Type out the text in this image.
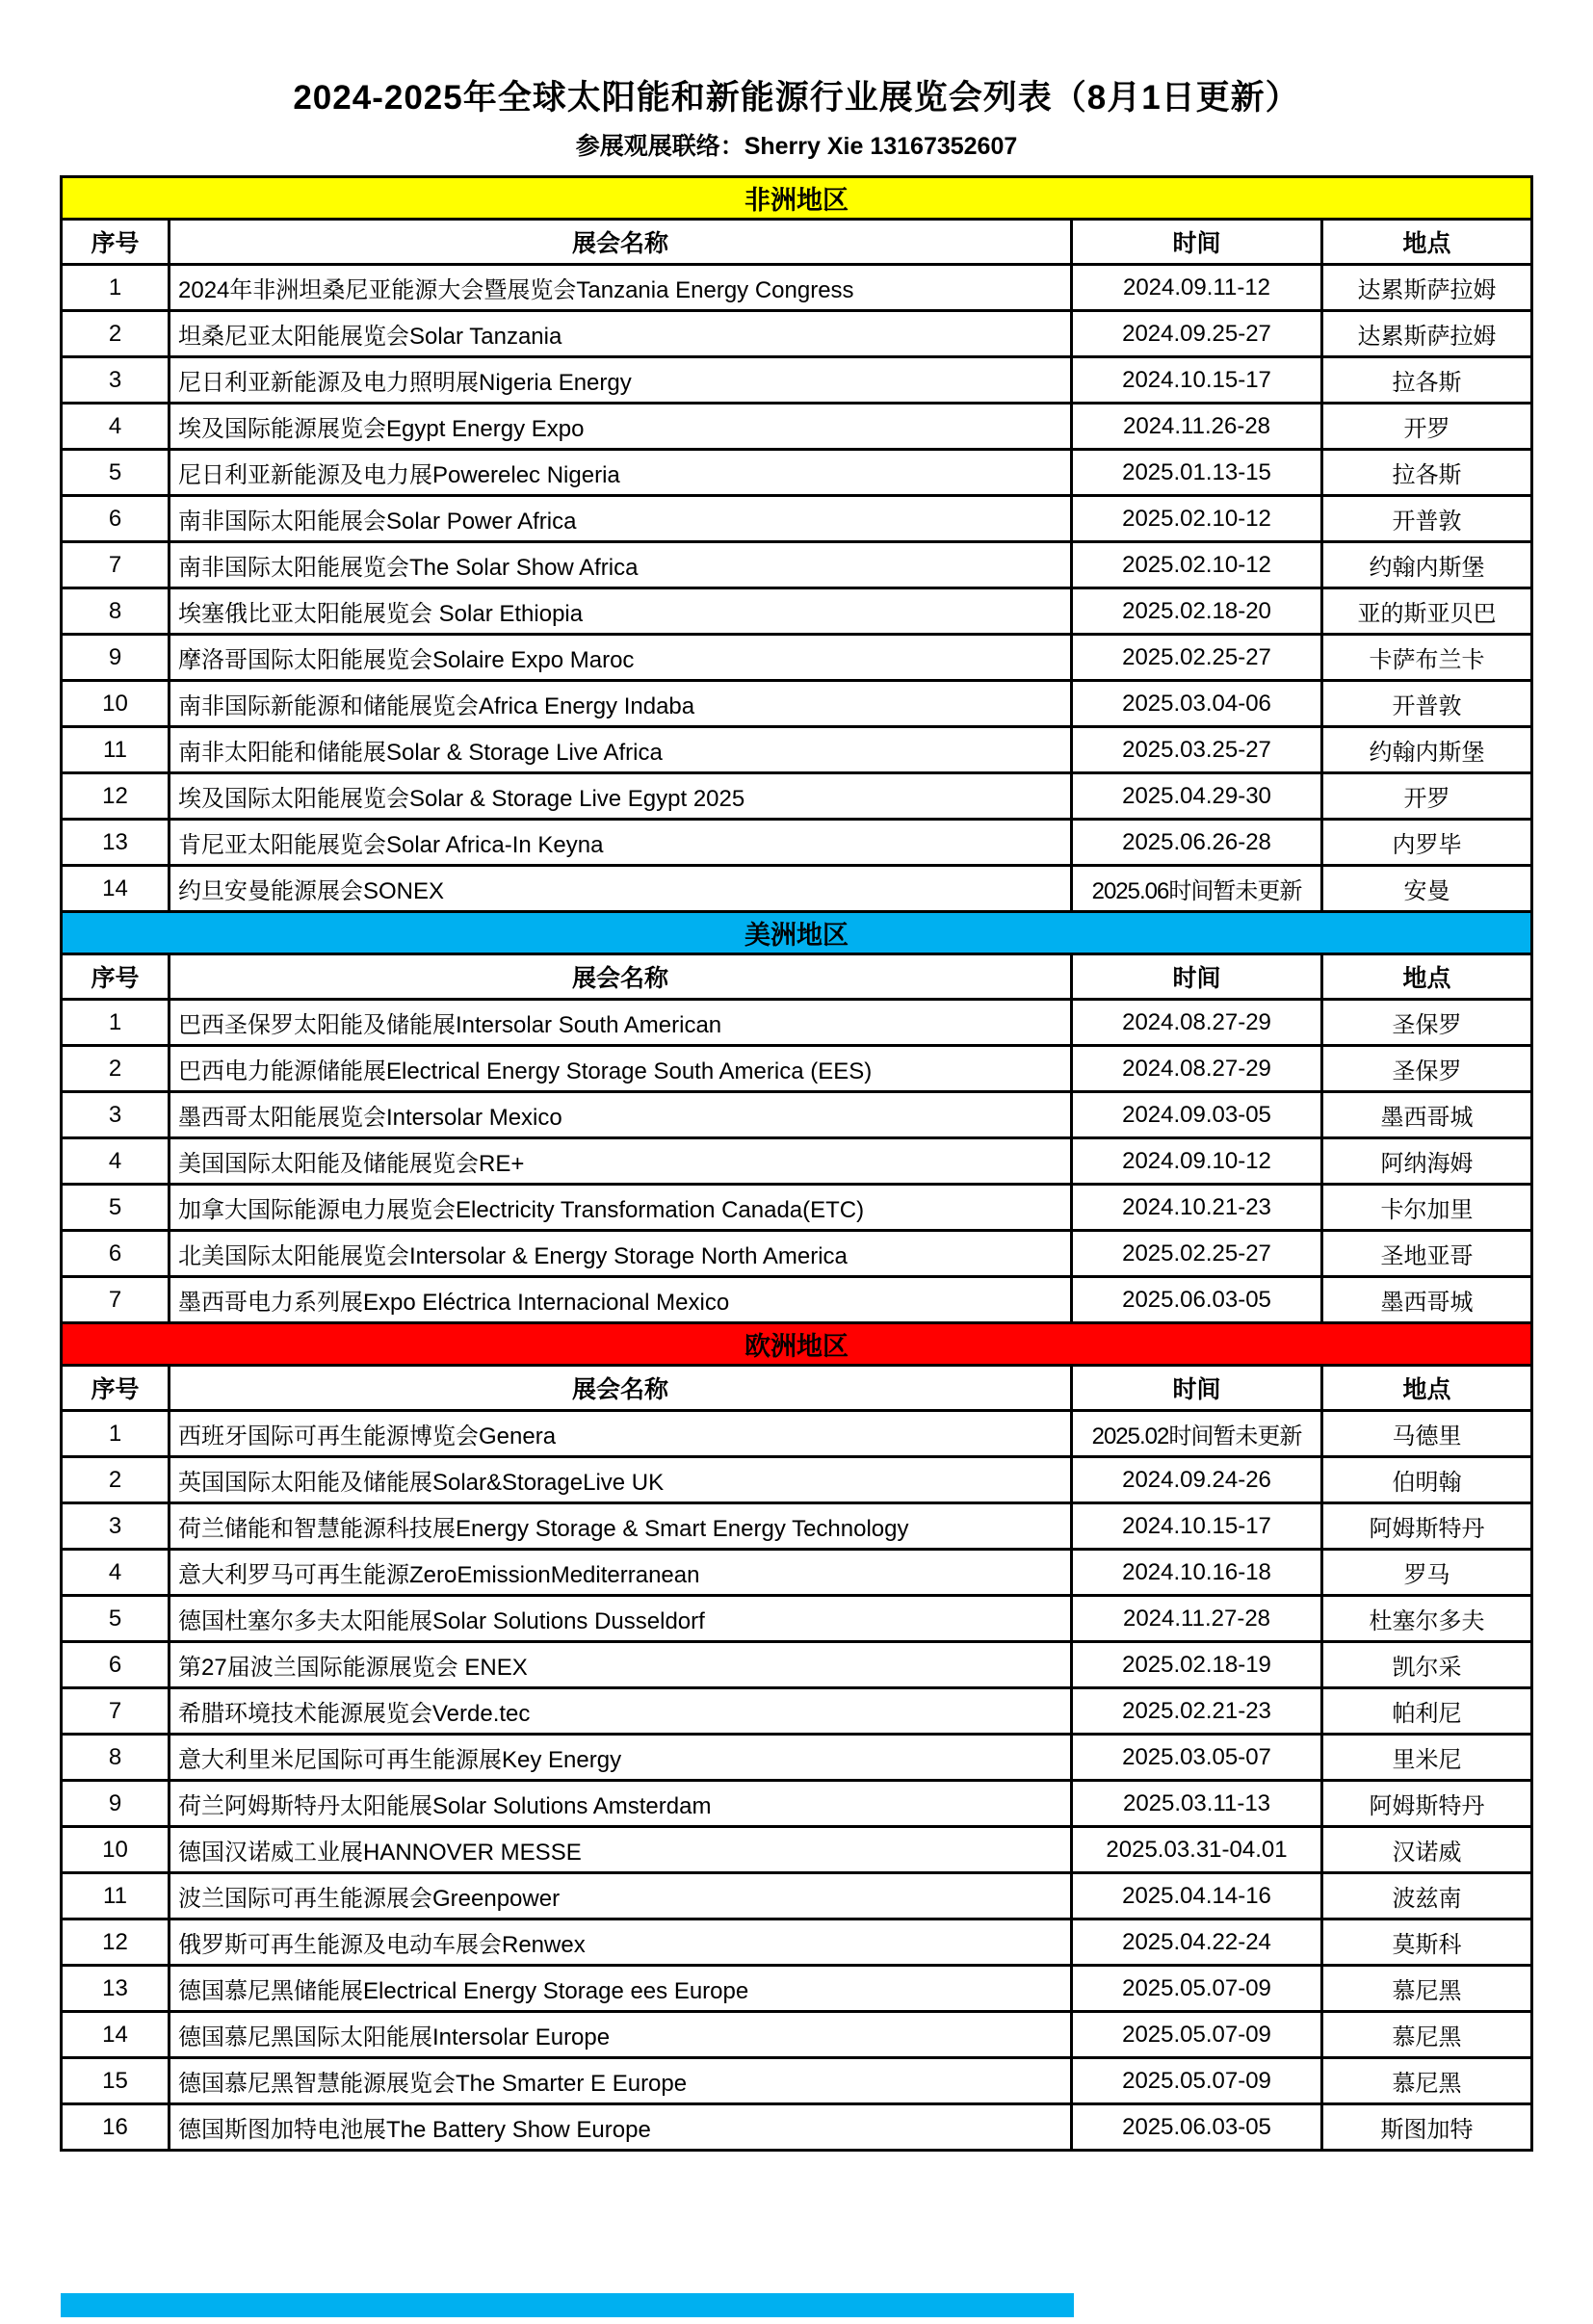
2024-2025年全球太阳能和新能源行业展览会列表（8月1日更新）
参展观展联络：Sherry Xie 13167352607
非洲地区			
序号	展会名称	时间	地点
1	2024年非洲坦桑尼亚能源大会暨展览会Tanzania Energy Congress	2024.09.11-12	达累斯萨拉姆
2	坦桑尼亚太阳能展览会Solar Tanzania	2024.09.25-27	达累斯萨拉姆
3	尼日利亚新能源及电力照明展Nigeria Energy	2024.10.15-17	拉各斯
4	埃及国际能源展览会Egypt Energy Expo	2024.11.26-28	开罗
5	尼日利亚新能源及电力展Powerelec Nigeria	2025.01.13-15	拉各斯
6	南非国际太阳能展会Solar Power Africa	2025.02.10-12	开普敦
7	南非国际太阳能展览会The Solar Show Africa	2025.02.10-12	约翰内斯堡
8	埃塞俄比亚太阳能展览会 Solar Ethiopia	2025.02.18-20	亚的斯亚贝巴
9	摩洛哥国际太阳能展览会Solaire Expo Maroc	2025.02.25-27	卡萨布兰卡
10	南非国际新能源和储能展览会Africa Energy Indaba	2025.03.04-06	开普敦
11	南非太阳能和储能展Solar & Storage Live Africa	2025.03.25-27	约翰内斯堡
12	埃及国际太阳能展览会Solar & Storage Live Egypt 2025	2025.04.29-30	开罗
13	肯尼亚太阳能展览会Solar Africa-In Keyna	2025.06.26-28	内罗毕
14	约旦安曼能源展会SONEX	2025.06时间暂未更新	安曼
美洲地区			
序号	展会名称	时间	地点
1	巴西圣保罗太阳能及储能展Intersolar South American	2024.08.27-29	圣保罗
2	巴西电力能源储能展Electrical Energy Storage South America (EES)	2024.08.27-29	圣保罗
3	墨西哥太阳能展览会Intersolar Mexico	2024.09.03-05	墨西哥城
4	美国国际太阳能及储能展览会RE+	2024.09.10-12	阿纳海姆
5	加拿大国际能源电力展览会Electricity Transformation Canada(ETC)	2024.10.21-23	卡尔加里
6	北美国际太阳能展览会Intersolar & Energy Storage North America	2025.02.25-27	圣地亚哥
7	墨西哥电力系列展Expo Eléctrica Internacional Mexico	2025.06.03-05	墨西哥城
欧洲地区			
序号	展会名称	时间	地点
1	西班牙国际可再生能源博览会Genera	2025.02时间暂未更新	马德里
2	英国国际太阳能及储能展Solar&StorageLive UK	2024.09.24-26	伯明翰
3	荷兰储能和智慧能源科技展Energy Storage & Smart Energy Technology	2024.10.15-17	阿姆斯特丹
4	意大利罗马可再生能源ZeroEmissionMediterranean	2024.10.16-18	罗马
5	德国杜塞尔多夫太阳能展Solar Solutions Dusseldorf	2024.11.27-28	杜塞尔多夫
6	第27届波兰国际能源展览会 ENEX	2025.02.18-19	凯尔采
7	希腊环境技术能源展览会Verde.tec	2025.02.21-23	帕利尼
8	意大利里米尼国际可再生能源展Key Energy	2025.03.05-07	里米尼
9	荷兰阿姆斯特丹太阳能展Solar Solutions Amsterdam	2025.03.11-13	阿姆斯特丹
10	德国汉诺威工业展HANNOVER MESSE	2025.03.31-04.01	汉诺威
11	波兰国际可再生能源展会Greenpower	2025.04.14-16	波兹南
12	俄罗斯可再生能源及电动车展会Renwex	2025.04.22-24	莫斯科
13	德国慕尼黑储能展Electrical Energy Storage ees Europe	2025.05.07-09	慕尼黑
14	德国慕尼黑国际太阳能展Intersolar Europe	2025.05.07-09	慕尼黑
15	德国慕尼黑智慧能源展览会The Smarter E Europe	2025.05.07-09	慕尼黑
16	德国斯图加特电池展The Battery Show Europe	2025.06.03-05	斯图加特
